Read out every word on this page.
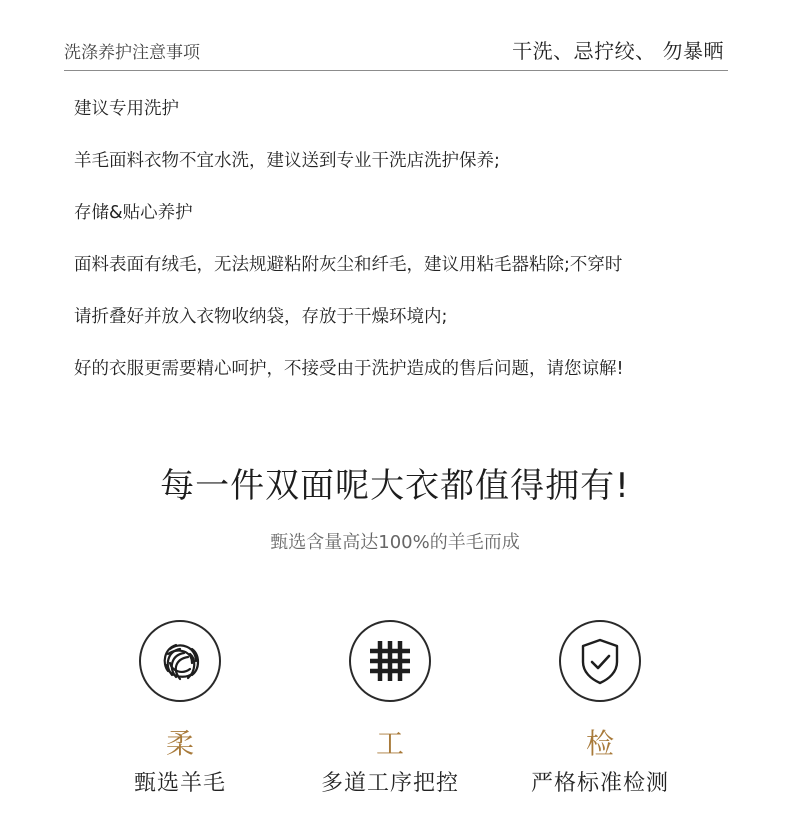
洗涤养护注意事项	干洗、忌拧绞、 勿暴晒

建议专用洗护

羊毛面料衣物不宜水洗，建议送到专业干洗店洗护保养;

存储&贴心养护

面料表面有绒毛，无法规避粘附灰尘和纤毛，建议用粘毛器粘除;不穿时

请折叠好并放入衣物收纳袋，存放于干燥环境内;

好的衣服更需要精心呵护，不接受由于洗护造成的售后问题，请您谅解!

每一件双面呢大衣都值得拥有!
甄选含量高达100%的羊毛而成
柔
甄选羊毛
工
多道工序把控
检
严格标准检测
